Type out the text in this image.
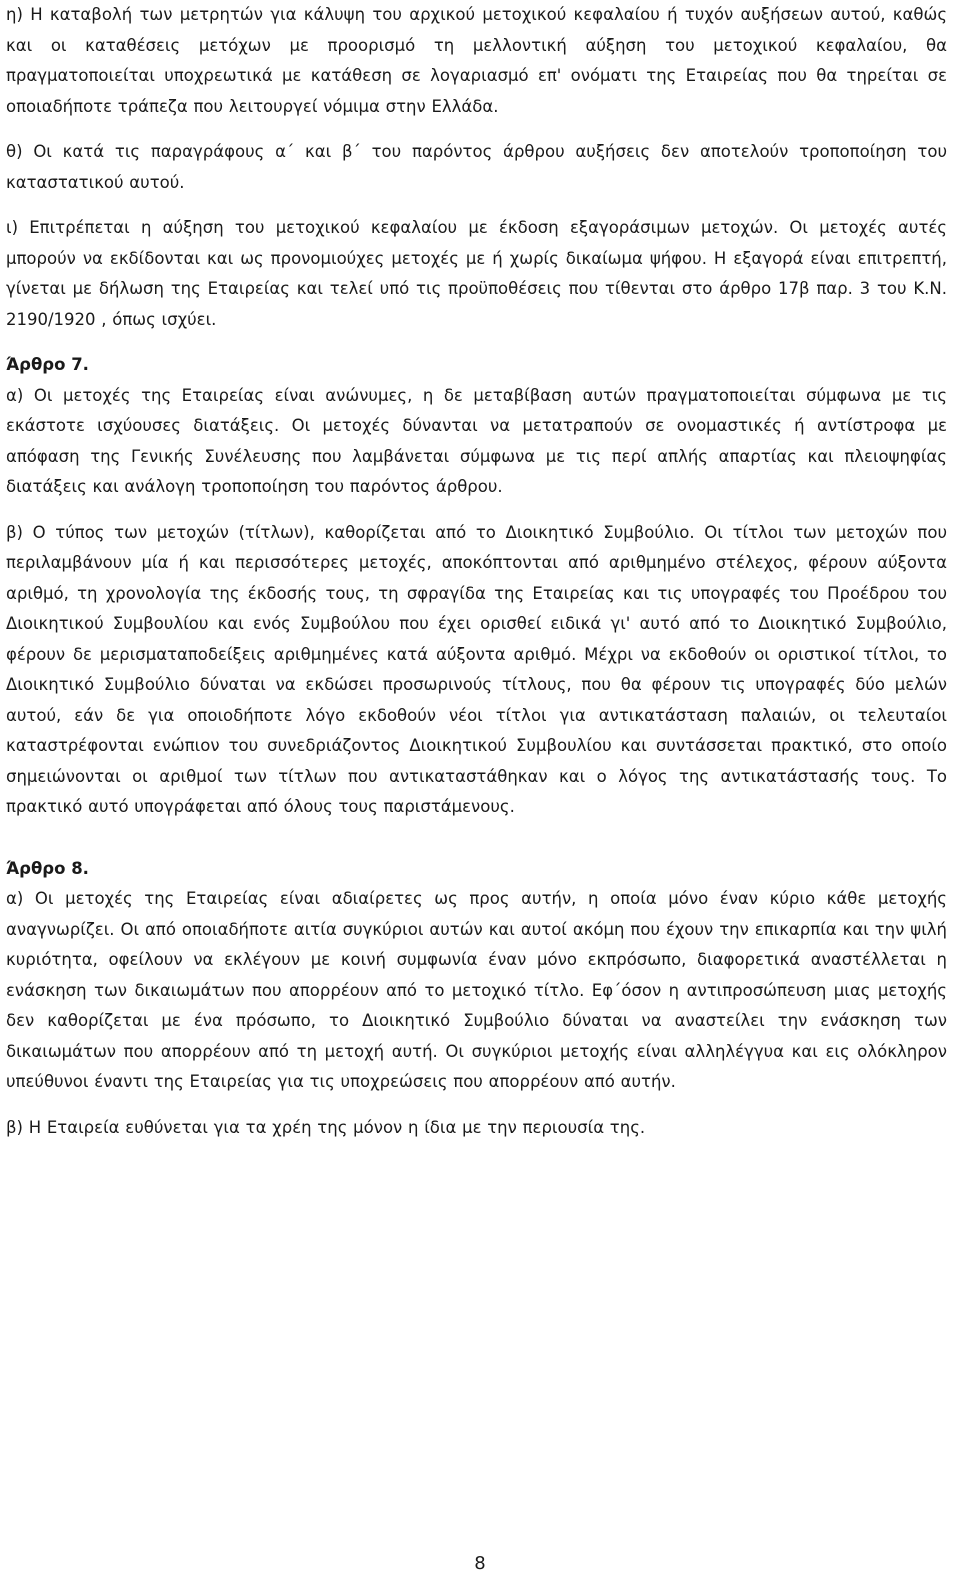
η) Η καταβολή των μετρητών για κάλυψη του αρχικού μετοχικού κεφαλαίου ή τυχόν αυξήσεων αυτού, καθώς και οι καταθέσεις μετόχων με προορισμό τη μελλοντική αύξηση του μετοχικού κεφαλαίου, θα πραγματοποιείται υποχρεωτικά με κατάθεση σε λογαριασμό επ' ονόματι της Εταιρείας που θα τηρείται σε οποιαδήποτε τράπεζα που λειτουργεί νόμιμα στην Ελλάδα.

θ) Οι κατά τις παραγράφους α΄ και β΄ του παρόντος άρθρου αυξήσεις δεν αποτελούν τροποποίηση του καταστατικού αυτού.

ι) Επιτρέπεται η αύξηση του μετοχικού κεφαλαίου με έκδοση εξαγοράσιμων μετοχών. Οι μετοχές αυτές μπορούν να εκδίδονται και ως προνομιούχες μετοχές με ή χωρίς δικαίωμα ψήφου. Η εξαγορά είναι επιτρεπτή, γίνεται με δήλωση της Εταιρείας και τελεί υπό τις προϋποθέσεις που τίθενται στο άρθρο 17β παρ. 3 του Κ.Ν. 2190/1920 , όπως ισχύει.

Άρθρο 7.

α) Οι μετοχές της Εταιρείας είναι ανώνυμες, η δε μεταβίβαση αυτών πραγματοποιείται σύμφωνα με τις εκάστοτε ισχύουσες διατάξεις. Οι μετοχές δύνανται να μετατραπούν σε ονομαστικές ή αντίστροφα με απόφαση της Γενικής Συνέλευσης που λαμβάνεται σύμφωνα με τις περί απλής απαρτίας και πλειοψηφίας διατάξεις και ανάλογη τροποποίηση του παρόντος άρθρου.

β) Ο τύπος των μετοχών (τίτλων), καθορίζεται από το Διοικητικό Συμβούλιο. Οι τίτλοι των μετοχών που περιλαμβάνουν μία ή και περισσότερες μετοχές, αποκόπτονται από αριθμημένο στέλεχος, φέρουν αύξοντα αριθμό, τη χρονολογία της έκδοσής τους, τη σφραγίδα της Εταιρείας και τις υπογραφές του Προέδρου του Διοικητικού Συμβουλίου και ενός Συμβούλου που έχει ορισθεί ειδικά γι' αυτό από το Διοικητικό Συμβούλιο, φέρουν δε μερισματαποδείξεις αριθμημένες κατά αύξοντα αριθμό. Μέχρι να εκδοθούν οι οριστικοί τίτλοι, το Διοικητικό Συμβούλιο δύναται να εκδώσει προσωρινούς τίτλους, που θα φέρουν τις υπογραφές δύο μελών αυτού, εάν δε για οποιοδήποτε λόγο εκδοθούν νέοι τίτλοι για αντικατάσταση παλαιών, οι τελευταίοι καταστρέφονται ενώπιον του συνεδριάζοντος Διοικητικού Συμβουλίου και συντάσσεται πρακτικό, στο οποίο σημειώνονται οι αριθμοί των τίτλων που αντικαταστάθηκαν και ο λόγος της αντικατάστασής τους. Το πρακτικό αυτό υπογράφεται από όλους τους παριστάμενους.

Άρθρο 8.

α) Οι μετοχές της Εταιρείας είναι αδιαίρετες ως προς αυτήν, η οποία μόνο έναν κύριο κάθε μετοχής αναγνωρίζει. Οι από οποιαδήποτε αιτία συγκύριοι αυτών και αυτοί ακόμη που έχουν την επικαρπία και την ψιλή κυριότητα, οφείλουν να εκλέγουν με κοινή συμφωνία έναν μόνο εκπρόσωπο, διαφορετικά αναστέλλεται η ενάσκηση των δικαιωμάτων που απορρέουν από το μετοχικό τίτλο. Εφ΄όσον η αντιπροσώπευση μιας μετοχής δεν καθορίζεται με ένα πρόσωπο, το Διοικητικό Συμβούλιο δύναται να αναστείλει την ενάσκηση των δικαιωμάτων που απορρέουν από τη μετοχή αυτή. Οι συγκύριοι μετοχής είναι αλληλέγγυα και εις ολόκληρον υπεύθυνοι έναντι της Εταιρείας για τις υποχρεώσεις που απορρέουν από αυτήν.

β) Η Εταιρεία ευθύνεται για τα χρέη της μόνον η ίδια με την περιουσία της.

8
